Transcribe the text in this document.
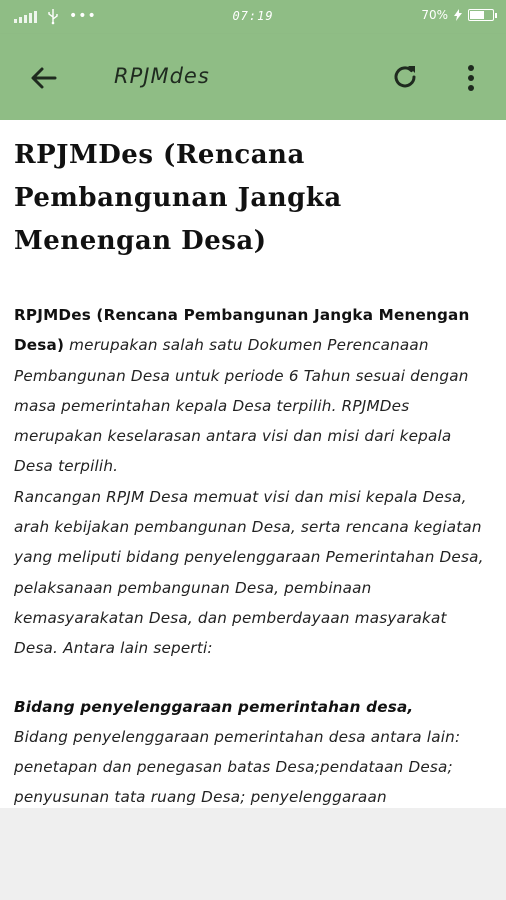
•••	07:19	70%
RPJMdes
RPJMDes (Rencana Pembangunan Jangka Menengan Desa)

RPJMDes (Rencana Pembangunan Jangka Menengan Desa) merupakan salah satu Dokumen Perencanaan Pembangunan Desa untuk periode 6 Tahun sesuai dengan masa pemerintahan kepala Desa terpilih. RPJMDes merupakan keselarasan antara visi dan misi dari kepala Desa terpilih.
Rancangan RPJM Desa memuat visi dan misi kepala Desa, arah kebijakan pembangunan Desa, serta rencana kegiatan yang meliputi bidang penyelenggaraan Pemerintahan Desa, pelaksanaan pembangunan Desa, pembinaan kemasyarakatan Desa, dan pemberdayaan masyarakat Desa. Antara lain seperti:

Bidang penyelenggaraan pemerintahan desa,
Bidang penyelenggaraan pemerintahan desa antara lain: penetapan dan penegasan batas Desa;pendataan Desa; penyusunan tata ruang Desa; penyelenggaraan
